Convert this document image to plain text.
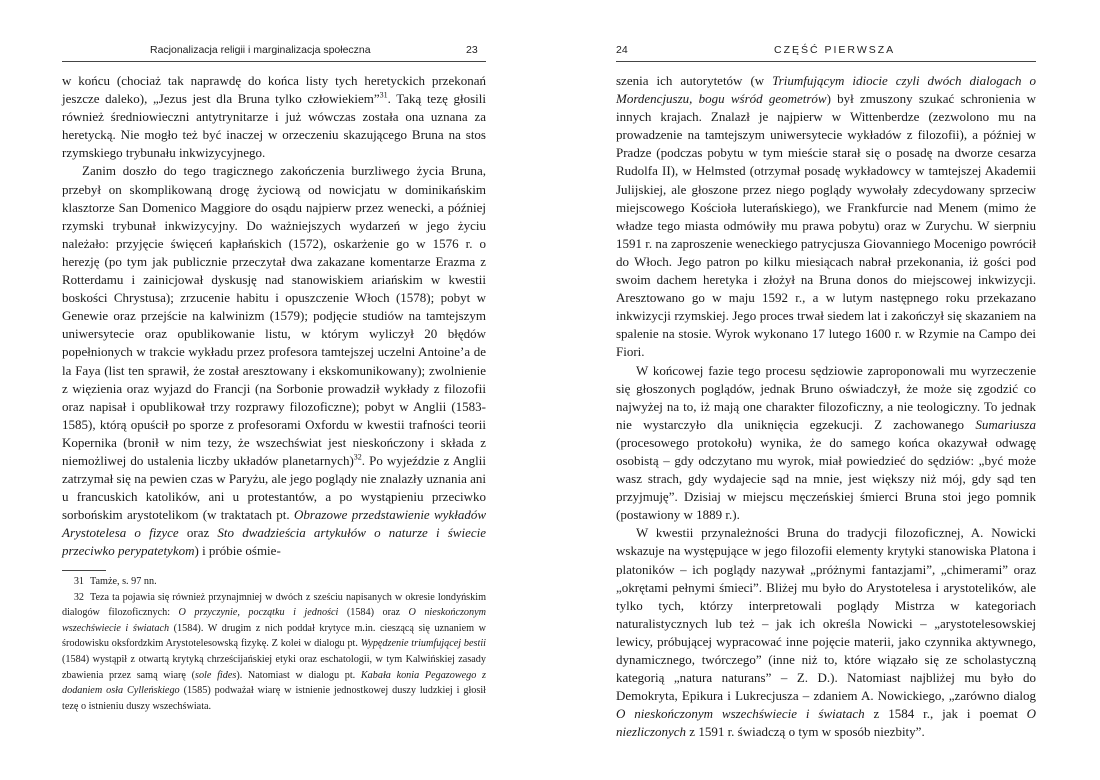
Racjonalizacja religii i marginalizacja społeczna	23

w końcu (chociaż tak naprawdę do końca listy tych heretyckich przekonań jeszcze daleko), „Jezus jest dla Bruna tylko człowiekiem”$^{31}$. Taką tezę głosili również średniowieczni antytrynitarze i już wówczas została ona uznana za heretycką. Nie mogło też być inaczej w orzeczeniu skazującego Bruna na stos rzymskiego trybunału inkwizycyjnego.

Zanim doszło do tego tragicznego zakończenia burzliwego życia Bruna, przebył on skomplikowaną drogę życiową od nowicjatu w dominikańskim klasztorze San Domenico Maggiore do osądu najpierw przez wenecki, a później rzymski trybunał inkwizycyjny. Do ważniejszych wydarzeń w jego życiu należało: przyjęcie święceń kapłańskich (1572), oskarżenie go w 1576 r. o herezję (po tym jak publicznie przeczytał dwa zakazane komentarze Erazma z Rotterdamu i zainicjował dyskusję nad stanowiskiem ariańskim w kwestii boskości Chrystusa); zrzucenie habitu i opuszczenie Włoch (1578); pobyt w Genewie oraz przejście na kalwinizm (1579); podjęcie studiów na tamtejszym uniwersytecie oraz opublikowanie listu, w którym wyliczył 20 błędów popełnionych w trakcie wykładu przez profesora tamtejszej uczelni Antoine’a de la Faya (list ten sprawił, że został aresztowany i ekskomunikowany); zwolnienie z więzienia oraz wyjazd do Francji (na Sorbonie prowadził wykłady z filozofii oraz napisał i opublikował trzy rozprawy filozoficzne); pobyt w Anglii (1583-1585), którą opuścił po sporze z profesorami Oxfordu w kwestii trafności teorii Kopernika (bronił w nim tezy, że wszechświat jest nieskończony i składa z niemożliwej do ustalenia liczby układów planetarnych)$^{32}$. Po wyjeździe z Anglii zatrzymał się na pewien czas w Paryżu, ale jego poglądy nie znalazły uznania ani u francuskich katolików, ani u protestantów, a po wystąpieniu przeciwko sorbońskim arystotelikom (w traktatach pt. Obrazowe przedstawienie wykładów Arystotelesa o fizyce oraz Sto dwadzieścia artykułów o naturze i świecie przeciwko perypatetykom) i próbie ośmie-

31 Tamże, s. 97 nn.

32 Teza ta pojawia się również przynajmniej w dwóch z sześciu napisanych w okresie londyńskim dialogów filozoficznych: O przyczynie, początku i jedności (1584) oraz O nieskończonym wszechświecie i światach (1584). W drugim z nich poddał krytyce m.in. cieszącą się uznaniem w środowisku oksfordzkim Arystotelesowską fizykę. Z kolei w dialogu pt. Wypędzenie triumfującej bestii (1584) wystąpił z otwartą krytyką chrześcijańskiej etyki oraz eschatologii, w tym Kalwińskiej zasady zbawienia przez samą wiarę (sole fides). Natomiast w dialogu pt. Kabała konia Pegazowego z dodaniem osła Cylleńskiego (1585) podważał wiarę w istnienie jednostkowej duszy ludzkiej i głosił tezę o istnieniu duszy wszechświata.

24	CZĘŚĆ PIERWSZA

szenia ich autorytetów (w Triumfującym idiocie czyli dwóch dialogach o Mordencjuszu, bogu wśród geometrów) był zmuszony szukać schronienia w innych krajach. Znalazł je najpierw w Wittenberdze (zezwolono mu na prowadzenie na tamtejszym uniwersytecie wykładów z filozofii), a później w Pradze (podczas pobytu w tym mieście starał się o posadę na dworze cesarza Rudolfa II), w Helmsted (otrzymał posadę wykładowcy w tamtejszej Akademii Julijskiej, ale głoszone przez niego poglądy wywołały zdecydowany sprzeciw miejscowego Kościoła luterańskiego), we Frankfurcie nad Menem (mimo że władze tego miasta odmówiły mu prawa pobytu) oraz w Zurychu. W sierpniu 1591 r. na zaproszenie weneckiego patrycjusza Giovanniego Mocenigo powrócił do Włoch. Jego patron po kilku miesiącach nabrał przekonania, iż gości pod swoim dachem heretyka i złożył na Bruna donos do miejscowej inkwizycji. Aresztowano go w maju 1592 r., a w lutym następnego roku przekazano inkwizycji rzymskiej. Jego proces trwał siedem lat i zakończył się skazaniem na spalenie na stosie. Wyrok wykonano 17 lutego 1600 r. w Rzymie na Campo dei Fiori.

W końcowej fazie tego procesu sędziowie zaproponowali mu wyrzeczenie się głoszonych poglądów, jednak Bruno oświadczył, że może się zgodzić co najwyżej na to, iż mają one charakter filozoficzny, a nie teologiczny. To jednak nie wystarczyło dla uniknięcia egzekucji. Z zachowanego Sumariusza (procesowego protokołu) wynika, że do samego końca okazywał odwagę osobistą – gdy odczytano mu wyrok, miał powiedzieć do sędziów: „być może wasz strach, gdy wydajecie sąd na mnie, jest większy niż mój, gdy sąd ten przyjmuję”. Dzisiaj w miejscu męczeńskiej śmierci Bruna stoi jego pomnik (postawiony w 1889 r.).

W kwestii przynależności Bruna do tradycji filozoficznej, A. Nowicki wskazuje na występujące w jego filozofii elementy krytyki stanowiska Platona i platoników – ich poglądy nazywał „próżnymi fantazjami”, „chimerami” oraz „okrętami pełnymi śmieci”. Bliżej mu było do Arystotelesa i arystotelików, ale tylko tych, którzy interpretowali poglądy Mistrza w kategoriach naturalistycznych lub też – jak ich określa Nowicki – „arystotelesowskiej lewicy, próbującej wypracować inne pojęcie materii, jako czynnika aktywnego, dynamicznego, twórczego” (inne niż to, które wiązało się ze scholastyczną kategorią „natura naturans” – Z. D.). Natomiast najbliżej mu było do Demokryta, Epikura i Lukrecjusza – zdaniem A. Nowickiego, „zarówno dialog O nieskończonym wszechświecie i światach z 1584 r., jak i poemat O niezliczonych z 1591 r. świadczą o tym w sposób niezbity”.
